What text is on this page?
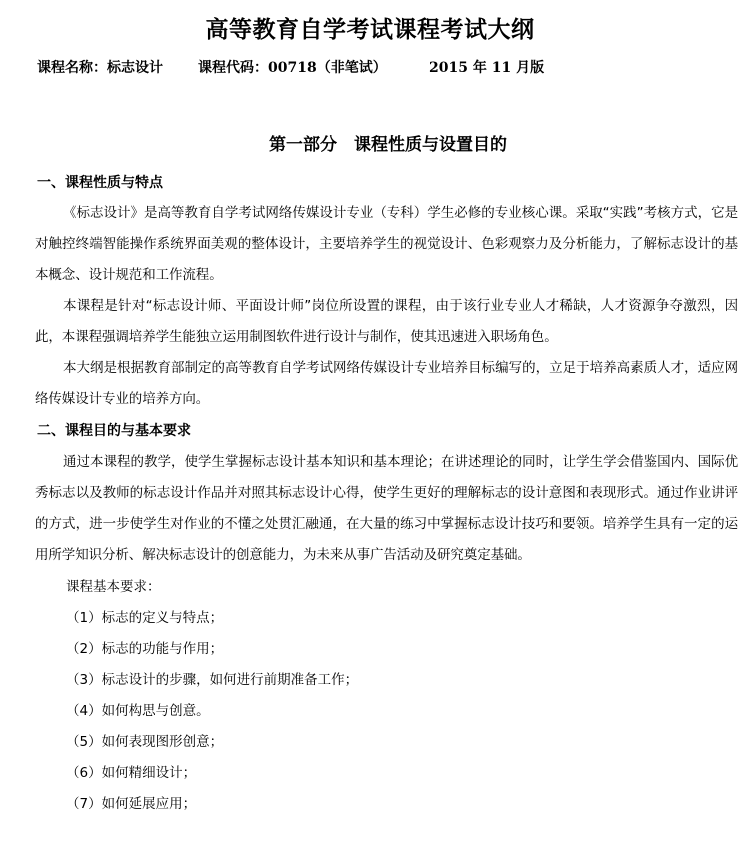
高等教育自学考试课程考试大纲
课程名称：标志设计	课程代码：00718（非笔试）	2015 年 11 月版
第一部分　课程性质与设置目的
一、课程性质与特点

《标志设计》是高等教育自学考试网络传媒设计专业（专科）学生必修的专业核心课。采取“实践”考核方式，它是对触控终端智能操作系统界面美观的整体设计，主要培养学生的视觉设计、色彩观察力及分析能力，了解标志设计的基本概念、设计规范和工作流程。

本课程是针对“标志设计师、平面设计师”岗位所设置的课程，由于该行业专业人才稀缺，人才资源争夺激烈，因此，本课程强调培养学生能独立运用制图软件进行设计与制作，使其迅速进入职场角色。

本大纲是根据教育部制定的高等教育自学考试网络传媒设计专业培养目标编写的，立足于培养高素质人才，适应网络传媒设计专业的培养方向。

二、课程目的与基本要求

通过本课程的教学，使学生掌握标志设计基本知识和基本理论；在讲述理论的同时，让学生学会借鉴国内、国际优秀标志以及教师的标志设计作品并对照其标志设计心得，使学生更好的理解标志的设计意图和表现形式。通过作业讲评的方式，进一步使学生对作业的不懂之处贯汇融通，在大量的练习中掌握标志设计技巧和要领。培养学生具有一定的运用所学知识分析、解决标志设计的创意能力，为未来从事广告活动及研究奠定基础。

课程基本要求：
（1）标志的定义与特点；
（2）标志的功能与作用；
（3）标志设计的步骤，如何进行前期准备工作；
（4）如何构思与创意。
（5）如何表现图形创意；
（6）如何精细设计；
（7）如何延展应用；
